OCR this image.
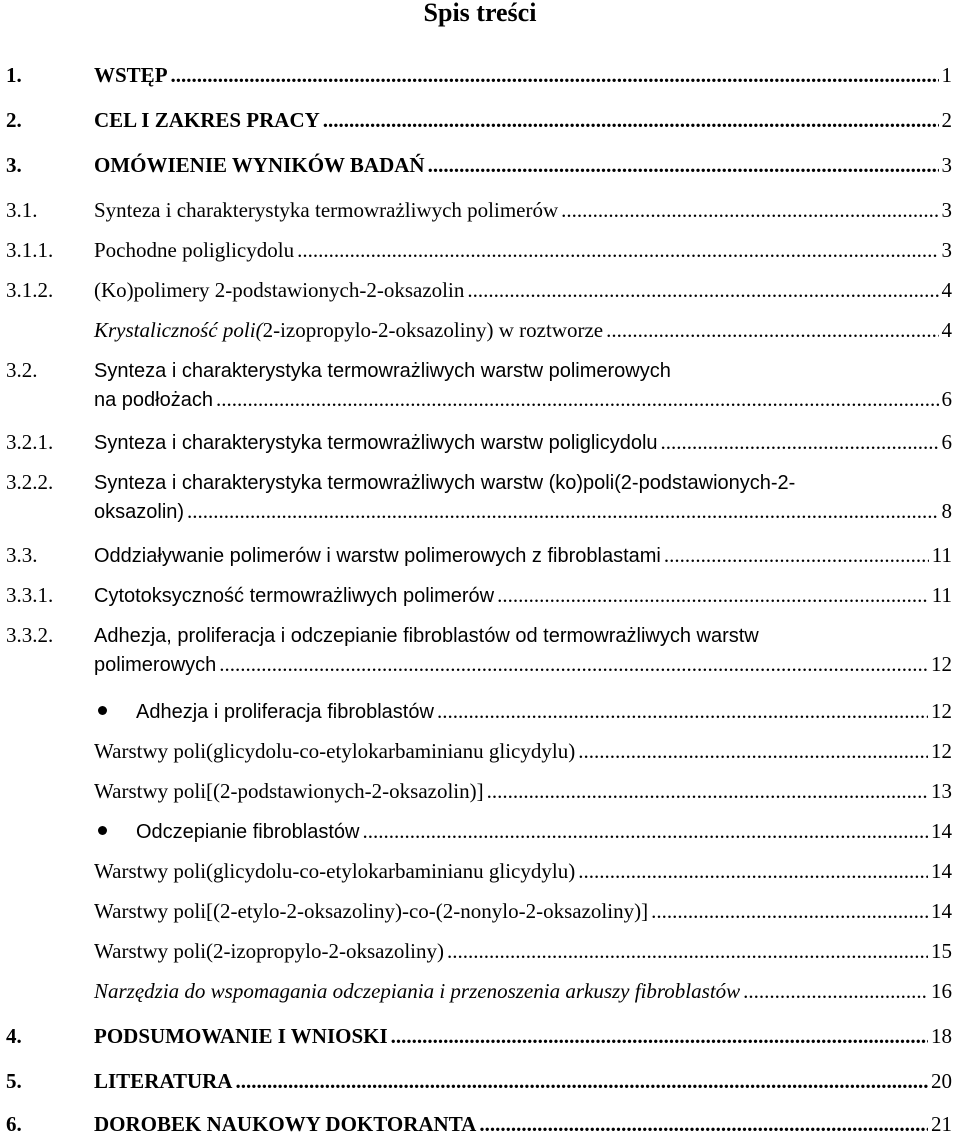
Spis treści
1.	WSTĘP .....	1
2.	CEL I ZAKRES PRACY .....	2
3.	OMÓWIENIE WYNIKÓW BADAŃ .....	3
3.1.	Synteza i charakterystyka termowrażliwych polimerów .....	3
3.1.1.	Pochodne poliglicydolu .....	3
3.1.2.	(Ko)polimery 2-podstawionych-2-oksazolin .....	4
Krystaliczność poli(2-izopropylo-2-oksazoliny) w roztworze .....	4
3.2.	Synteza i charakterystyka termowrażliwych warstw polimerowych
na podłożach .....	6
3.2.1.	Synteza i charakterystyka termowrażliwych warstw poliglicydolu .....	6
3.2.2.	Synteza i charakterystyka termowrażliwych warstw (ko)poli(2-podstawionych-2-
oksazolin) .....	8
3.3.	Oddziaływanie polimerów i warstw polimerowych z fibroblastami .....	11
3.3.1.	Cytotoksyczność termowrażliwych polimerów .....	11
3.3.2.	Adhezja, proliferacja i odczepianie fibroblastów od termowrażliwych warstw
polimerowych .....	12
Adhezja i proliferacja fibroblastów .....	12
Warstwy poli(glicydolu-co-etylokarbaminianu glicydylu) .....	12
Warstwy poli[(2-podstawionych-2-oksazolin)] .....	13
Odczepianie fibroblastów .....	14
Warstwy poli(glicydolu-co-etylokarbaminianu glicydylu) .....	14
Warstwy poli[(2-etylo-2-oksazoliny)-co-(2-nonylo-2-oksazoliny)] .....	14
Warstwy poli(2-izopropylo-2-oksazoliny) .....	15
Narzędzia do wspomagania odczepiania i przenoszenia arkuszy fibroblastów .....	16
4.	PODSUMOWANIE I WNIOSKI .....	18
5.	LITERATURA .....	20
6.	DOROBEK NAUKOWY DOKTORANTA .....	21
